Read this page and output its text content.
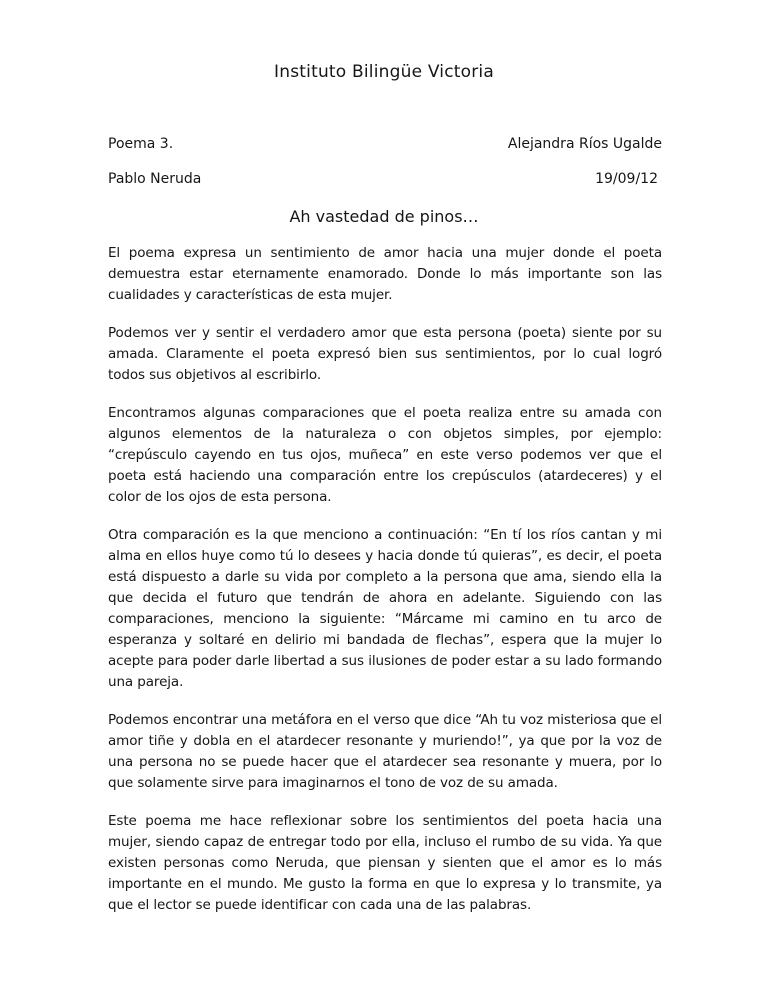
Instituto Bilingüe Victoria
Poema 3.	Alejandra Ríos Ugalde
Pablo Neruda	19/09/12
Ah vastedad de pinos…

El poema expresa un sentimiento de amor hacia una mujer donde el poeta demuestra estar eternamente enamorado. Donde lo más importante son las cualidades y características de esta mujer.

Podemos ver y sentir el verdadero amor que esta persona (poeta) siente por su amada. Claramente el poeta expresó bien sus sentimientos, por lo cual logró todos sus objetivos al escribirlo.

Encontramos algunas comparaciones que el poeta realiza entre su amada con algunos elementos de la naturaleza o con objetos simples, por ejemplo: “crepúsculo cayendo en tus ojos, muñeca” en este verso podemos ver que el poeta está haciendo una comparación entre los crepúsculos (atardeceres) y el color de los ojos de esta persona.

Otra comparación es la que menciono a continuación: “En tí los ríos cantan y mi alma en ellos huye como tú lo desees y hacia donde tú quieras”, es decir, el poeta está dispuesto a darle su vida por completo a la persona que ama, siendo ella la que decida el futuro que tendrán de ahora en adelante. Siguiendo con las comparaciones, menciono la siguiente: “Márcame mi camino en tu arco de esperanza y soltaré en delirio mi bandada de flechas”, espera que la mujer lo acepte para poder darle libertad a sus ilusiones de poder estar a su lado formando una pareja.

Podemos encontrar una metáfora en el verso que dice “Ah tu voz misteriosa que el amor tiñe y dobla en el atardecer resonante y muriendo!”, ya que por la voz de una persona no se puede hacer que el atardecer sea resonante y muera, por lo que solamente sirve para imaginarnos el tono de voz de su amada.

Este poema me hace reflexionar sobre los sentimientos del poeta hacia una mujer, siendo capaz de entregar todo por ella, incluso el rumbo de su vida. Ya que existen personas como Neruda, que piensan y sienten que el amor es lo más importante en el mundo. Me gusto la forma en que lo expresa y lo transmite, ya que el lector se puede identificar con cada una de las palabras.
